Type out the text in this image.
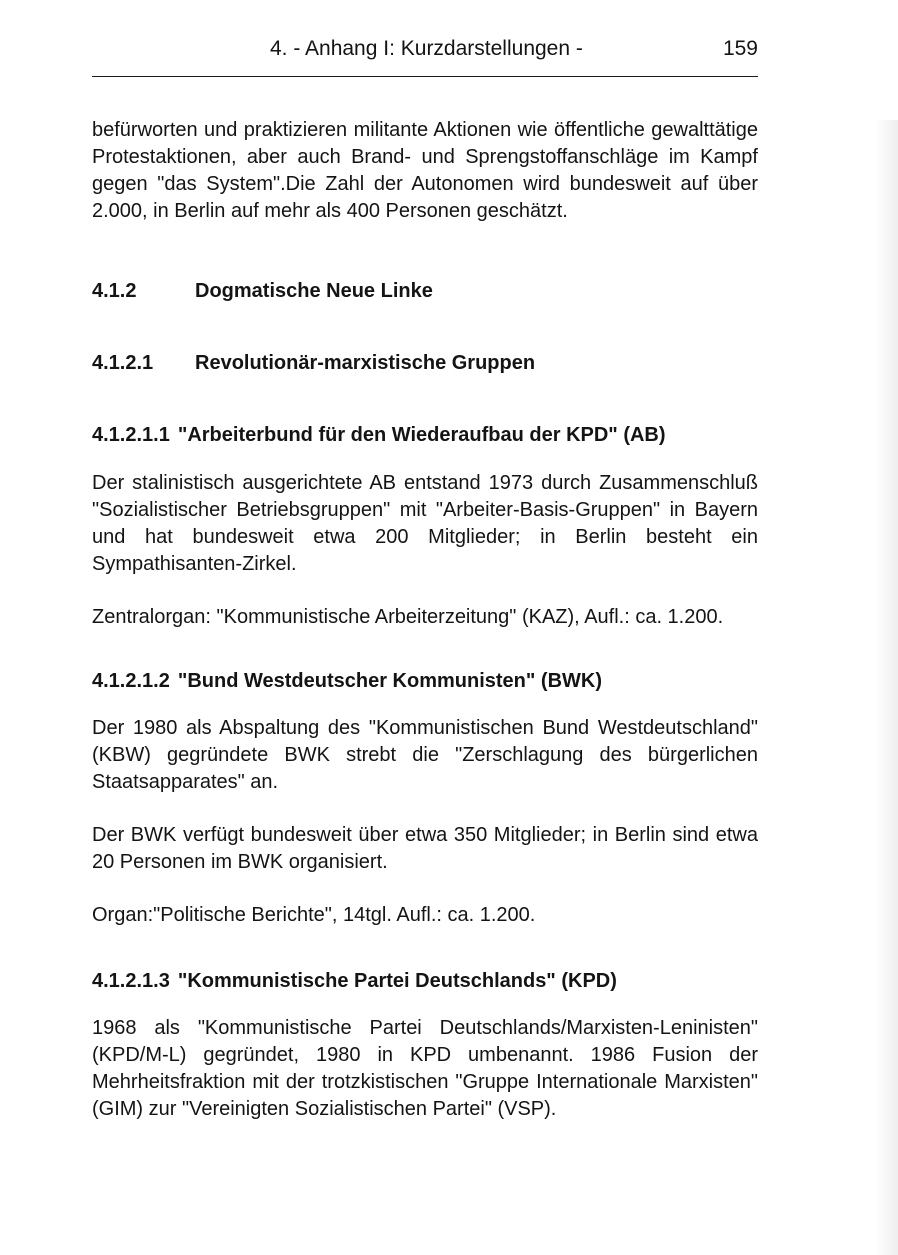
4. - Anhang I: Kurzdarstellungen -	159

befürworten und praktizieren militante Aktionen wie öffentliche gewalttätige Protestaktionen, aber auch Brand- und Sprengstoffanschläge im Kampf gegen "das System".Die Zahl der Autonomen wird bundesweit auf über 2.000, in Berlin auf mehr als 400 Personen geschätzt.

4.1.2	Dogmatische Neue Linke
4.1.2.1	Revolutionär-marxistische Gruppen
4.1.2.1.1 "Arbeiterbund für den Wiederaufbau der KPD" (AB)

Der stalinistisch ausgerichtete AB entstand 1973 durch Zusammenschluß "Sozialistischer Betriebsgruppen" mit "Arbeiter-Basis-Gruppen" in Bayern und hat bundesweit etwa 200 Mitglieder; in Berlin besteht ein Sympathisanten-Zirkel.

Zentralorgan: "Kommunistische Arbeiterzeitung" (KAZ), Aufl.: ca. 1.200.

4.1.2.1.2 "Bund Westdeutscher Kommunisten" (BWK)

Der 1980 als Abspaltung des "Kommunistischen Bund Westdeutschland" (KBW) gegründete BWK strebt die "Zerschlagung des bürgerlichen Staatsapparates" an.

Der BWK verfügt bundesweit über etwa 350 Mitglieder; in Berlin sind etwa 20 Personen im BWK organisiert.

Organ:"Politische Berichte", 14tgl. Aufl.: ca. 1.200.

4.1.2.1.3 "Kommunistische Partei Deutschlands" (KPD)

1968 als "Kommunistische Partei Deutschlands/Marxisten-Leninisten" (KPD/M-L) gegründet, 1980 in KPD umbenannt. 1986 Fusion der Mehrheitsfraktion mit der trotzkistischen "Gruppe Internationale Marxisten" (GIM) zur "Vereinigten Sozialistischen Partei" (VSP).
